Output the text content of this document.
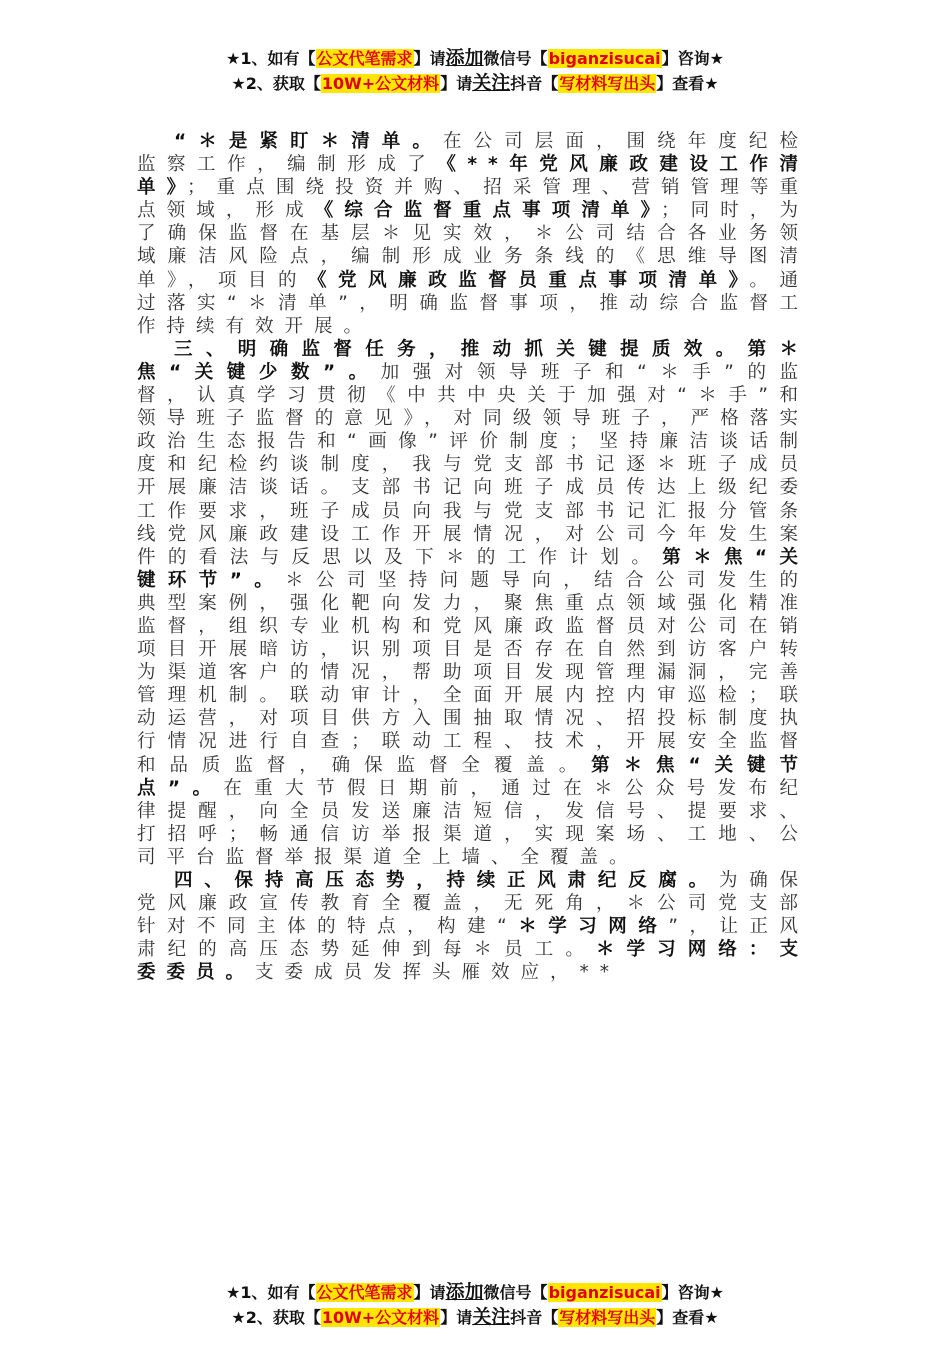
★1、如有【公文代笔需求】请添加微信号【biganzisucai】咨询★
★2、获取【10W+公文材料】请关注抖音【写材料写出头】查看★

“＊是紧盯＊清单。在公司层面，围绕年度纪检监察工作，编制形成了《**年党风廉政建设工作清单》；重点围绕投资并购、招采管理、营销管理等重点领域，形成《综合监督重点事项清单》；同时，为了确保监督在基层＊见实效，＊公司结合各业务领域廉洁风险点，编制形成业务条线的《思维导图清单》，项目的《党风廉政监督员重点事项清单》。通过落实“＊清单”，明确监督事项，推动综合监督工作持续有效开展。

三、明确监督任务，推动抓关键提质效。第＊焦“关键少数”。加强对领导班子和“＊手”的监督，认真学习贯彻《中共中央关于加强对“＊手”和领导班子监督的意见》，对同级领导班子，严格落实政治生态报告和“画像”评价制度；坚持廉洁谈话制度和纪检约谈制度，我与党支部书记逐＊班子成员开展廉洁谈话。支部书记向班子成员传达上级纪委工作要求，班子成员向我与党支部书记汇报分管条线党风廉政建设工作开展情况，对公司今年发生案件的看法与反思以及下＊的工作计划。第＊焦“关键环节”。＊公司坚持问题导向，结合公司发生的典型案例，强化靶向发力，聚焦重点领域强化精准监督，组织专业机构和党风廉政监督员对公司在销项目开展暗访，识别项目是否存在自然到访客户转为渠道客户的情况，帮助项目发现管理漏洞，完善管理机制。联动审计，全面开展内控内审巡检；联动运营，对项目供方入围抽取情况、招投标制度执行情况进行自查；联动工程、技术，开展安全监督和品质监督，确保监督全覆盖。第＊焦“关键节点”。在重大节假日期前，通过在＊公众号发布纪律提醒，向全员发送廉洁短信，发信号、提要求、打招呼；畅通信访举报渠道，实现案场、工地、公司平台监督举报渠道全上墙、全覆盖。

四、保持高压态势，持续正风肃纪反腐。为确保党风廉政宣传教育全覆盖，无死角，＊公司党支部针对不同主体的特点，构建“＊学习网络”，让正风肃纪的高压态势延伸到每＊员工。＊学习网络：支委委员。支委成员发挥头雁效应，**

★1、如有【公文代笔需求】请添加微信号【biganzisucai】咨询★
★2、获取【10W+公文材料】请关注抖音【写材料写出头】查看★
